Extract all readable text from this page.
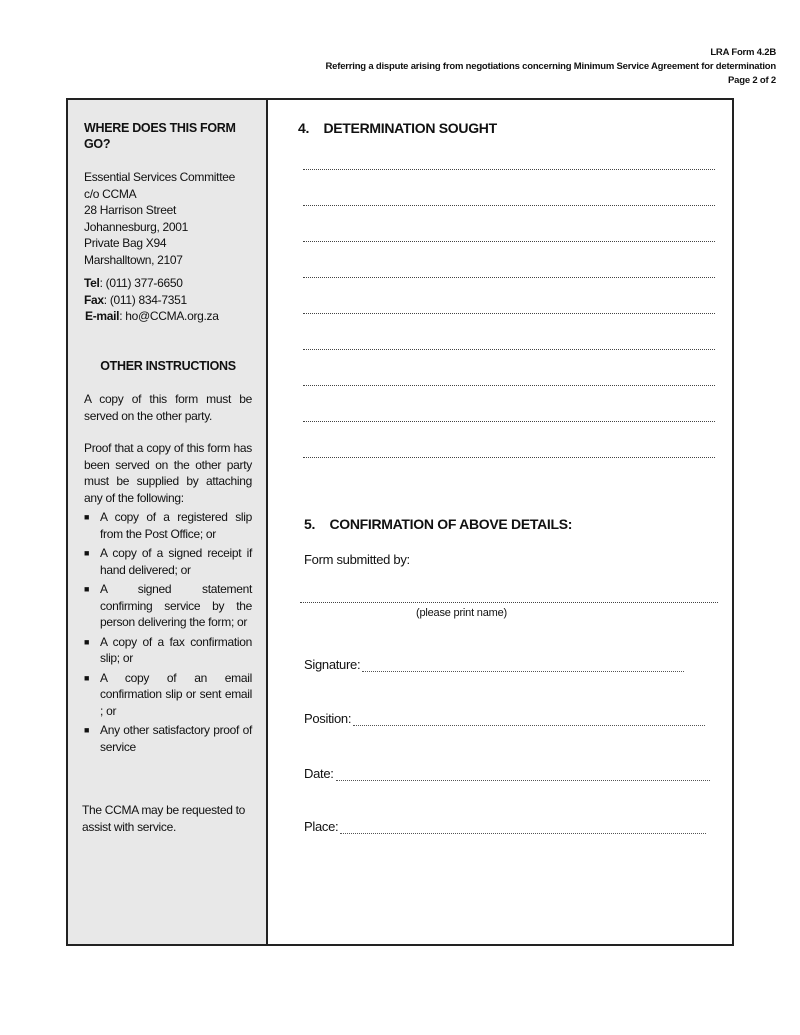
LRA Form 4.2B
Referring a dispute arising from negotiations concerning Minimum Service Agreement for determination
Page 2 of 2
WHERE DOES THIS FORM
GO?
Essential Services Committee
c/o CCMA
28 Harrison Street
Johannesburg, 2001
Private Bag X94
Marshalltown, 2107
Tel: (011) 377-6650
Fax: (011) 834-7351
E-mail: ho@CCMA.org.za
OTHER INSTRUCTIONS
A copy of this form must be served on the other party.
Proof that a copy of this form has been served on the other party must be supplied by attaching any of the following:
■ A copy of a registered slip from the Post Office; or
■ A copy of a signed receipt if hand delivered; or
■ A signed statement confirming service by the person delivering the form; or
■ A copy of a fax confirmation slip; or
■ A copy of an email confirmation slip or sent email ; or
■ Any other satisfactory proof of service
The CCMA may be requested to assist with service.
4. DETERMINATION SOUGHT
5. CONFIRMATION OF ABOVE DETAILS:
Form submitted by:
(please print name)
Signature:
Position:
Date:
Place:
